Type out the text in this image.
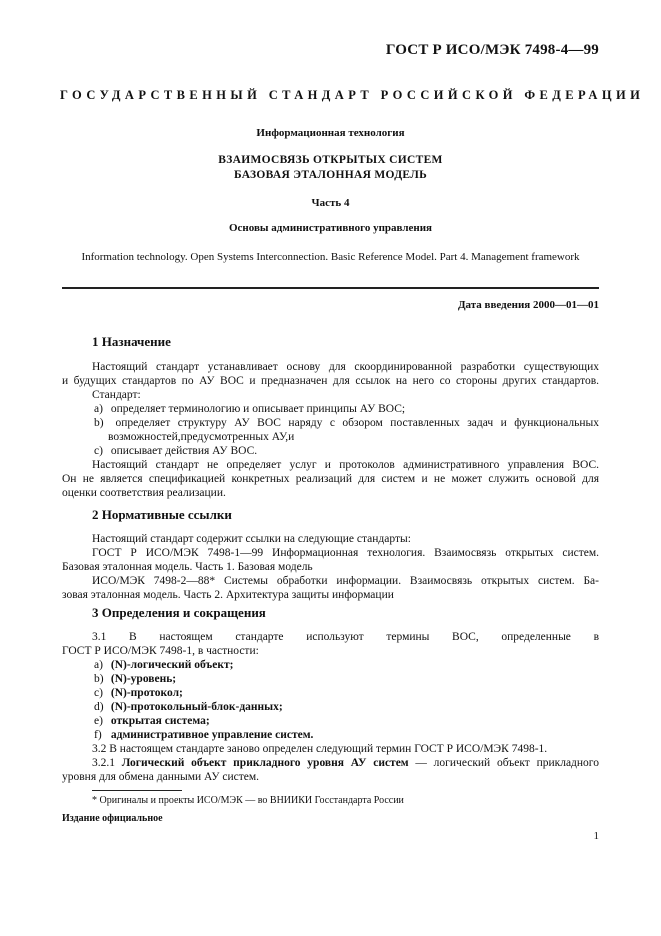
ГОСТ Р ИСО/МЭК 7498-4—99
ГОСУДАРСТВЕННЫЙ СТАНДАРТ РОССИЙСКОЙ ФЕДЕРАЦИИ
Информационная технология
ВЗАИМОСВЯЗЬ ОТКРЫТЫХ СИСТЕМ
БАЗОВАЯ ЭТАЛОННАЯ МОДЕЛЬ
Часть 4
Основы административного управления
Information technology. Open Systems Interconnection. Basic Reference Model. Part 4. Management framework
Дата введения 2000—01—01
1 Назначение
Настоящий стандарт устанавливает основу для скоординированной разработки существующих
и будущих стандартов по АУ ВОС и предназначен для ссылок на него со стороны других стандартов.
Стандарт:
а) определяет терминологию и описывает принципы АУ ВОС;
b) определяет структуру АУ ВОС наряду с обзором поставленных задач и функциональных
возможностей,предусмотренных АУ,и
с) описывает действия АУ ВОС.
Настоящий стандарт не определяет услуг и протоколов административного управления ВОС.
Он не является спецификацией конкретных реализаций для систем и не может служить основой для
оценки соответствия реализации.
2 Нормативные ссылки
Настоящий стандарт содержит ссылки на следующие стандарты:
ГОСТ Р ИСО/МЭК 7498-1—99 Информационная технология. Взаимосвязь открытых систем.
Базовая эталонная модель. Часть 1. Базовая модель
ИСО/МЭК 7498-2—88* Системы обработки информации. Взаимосвязь открытых систем. Ба-
зовая эталонная модель. Часть 2. Архитектура защиты информации
3 Определения и сокращения
3.1 В настоящем стандарте используют термины ВОС, определенные в
ГОСТ Р ИСО/МЭК 7498-1, в частности:
а) (N)-логический объект;
b) (N)-уровень;
с) (N)-протокол;
d) (N)-протокольный-блок-данных;
е) открытая система;
f) административное управление систем.
3.2 В настоящем стандарте заново определен следующий термин ГОСТ Р ИСО/МЭК 7498-1.
3.2.1 Логический объект прикладного уровня АУ систем — логический объект прикладного
уровня для обмена данными АУ систем.
* Оригиналы и проекты ИСО/МЭК — во ВНИИКИ Госстандарта России
Издание официальное
1
